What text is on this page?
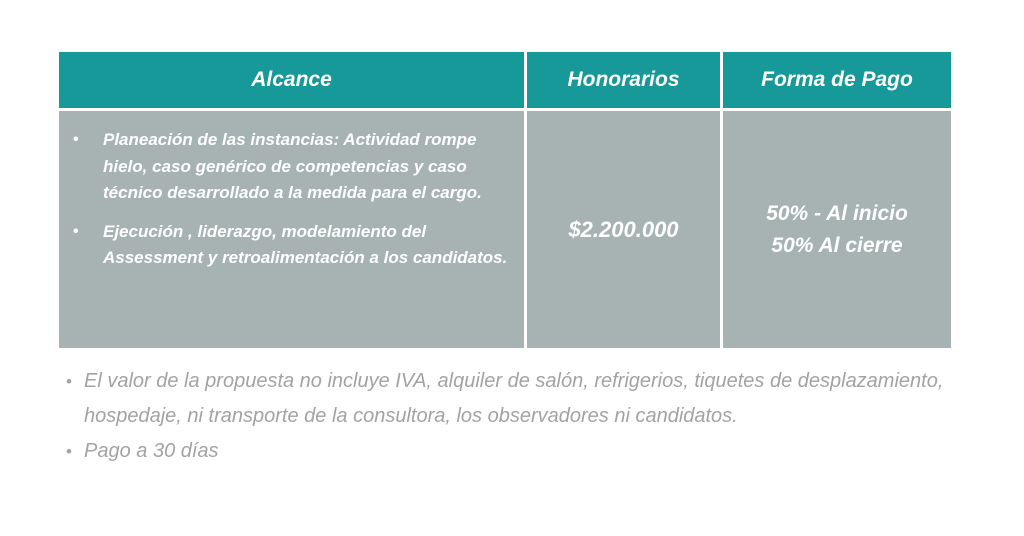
Alcance	Honorarios	Forma de Pago
• Planeación de las instancias: Actividad rompe hielo, caso genérico de competencias y caso técnico desarrollado a la medida para el cargo.
• Ejecución , liderazgo, modelamiento del Assessment y retroalimentación a los candidatos.
$2.200.000
50% - Al inicio
50% Al cierre
• El valor de la propuesta no incluye IVA, alquiler de salón, refrigerios, tiquetes de desplazamiento, hospedaje, ni transporte de la consultora, los observadores ni candidatos.
• Pago a 30 días
